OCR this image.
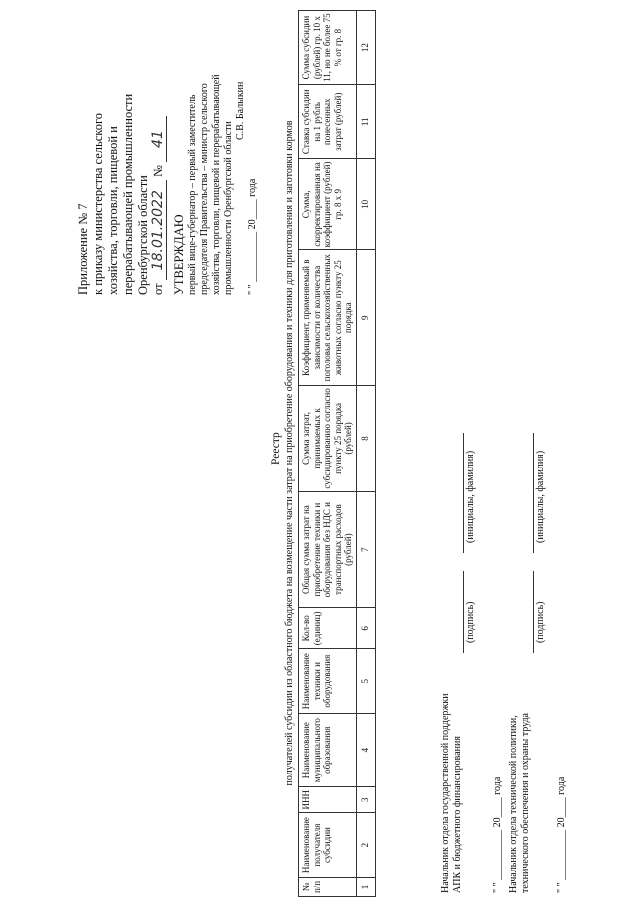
Приложение № 7 к приказу министерства сельского хозяйства, торговли, пищевой и перерабатывающей промышленности Оренбургской области от 18.01.2022 № 41
УТВЕРЖДАЮ первый вице-губернатор – первый заместитель председателя Правительства – министр сельского хозяйства, торговли, пищевой и перерабатывающей промышленности Оренбургской области
С.В. Балыкин
" " __________ 20____ года
Реестр получателей субсидии из областного бюджета на возмещение части затрат на приобретение оборудования и техники для приготовления и заготовки кормов
№ п/п	Наименование получателя субсидии	ИНН	Наименование муниципального образования	Наименование техники и оборудования	Кол-во (единиц)	Общая сумма затрат на приобретение техники и оборудования без НДС и транспортных расходов (рублей)	Сумма затрат, принимаемых к субсидированию согласно пункту 25 порядка (рублей)	Коэффициент, применяемый в зависимости от количества поголовья сельскохозяйственных животных согласно пункту 25 порядка	Сумма, скорректированная на коэффициент (рублей) гр. 8 х 9	Ставка субсидии на 1 рубль понесенных затрат (рублей)	Сумма субсидии (рублей) гр. 10 х 11, но не более 75 % от гр. 8
1	2	3	4	5	6	7	8	9	10	11	12
Начальник отдела государственной поддержки АПК и бюджетного финансирования	" " __________ 20____ года
(подпись)
(инициалы, фамилия)
Начальник отдела технической политики, технического обеспечения и охраны труда	" " __________ 20____ года
(подпись)
(инициалы, фамилия)
